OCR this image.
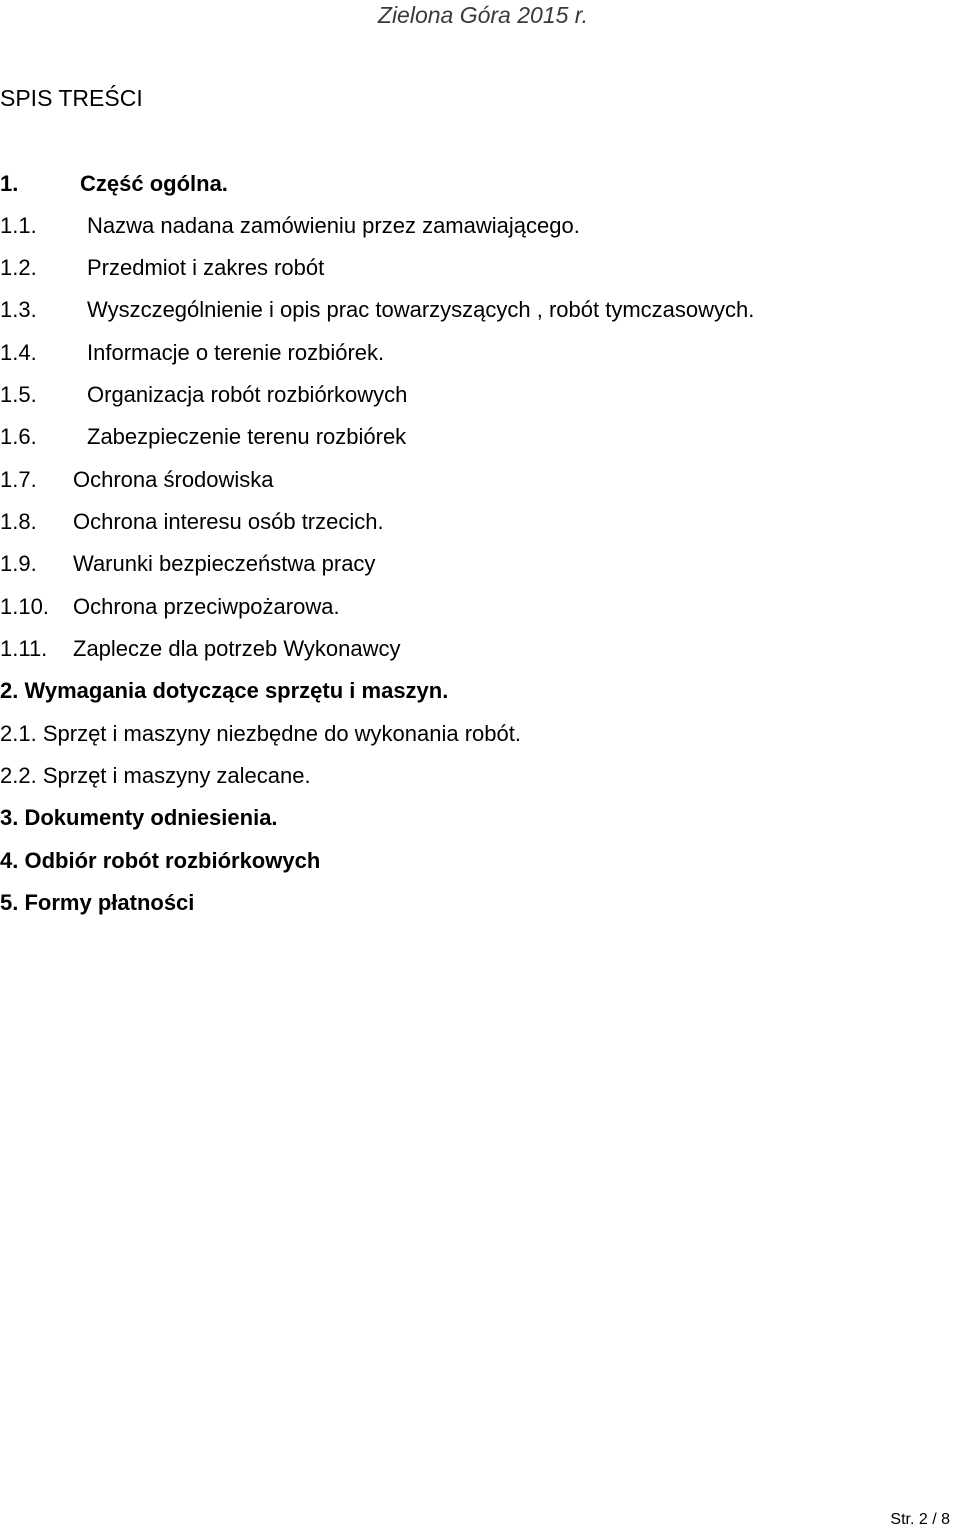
Zielona Góra 2015 r.
SPIS TREŚCI
1.	Część ogólna.
1.1. Nazwa nadana zamówieniu przez zamawiającego.
1.2. Przedmiot i zakres robót
1.3. Wyszczególnienie i opis prac towarzyszących , robót tymczasowych.
1.4. Informacje o terenie rozbiórek.
1.5. Organizacja robót rozbiórkowych
1.6. Zabezpieczenie terenu rozbiórek
1.7. Ochrona środowiska
1.8. Ochrona interesu osób trzecich.
1.9. Warunki bezpieczeństwa pracy
1.10. Ochrona przeciwpożarowa.
1.11. Zaplecze dla potrzeb Wykonawcy
2. Wymagania dotyczące sprzętu i maszyn.
2.1. Sprzęt i maszyny niezbędne do wykonania robót.
2.2. Sprzęt i maszyny zalecane.
3. Dokumenty odniesienia.
4. Odbiór robót rozbiórkowych
5. Formy płatności
Str. 2 / 8
